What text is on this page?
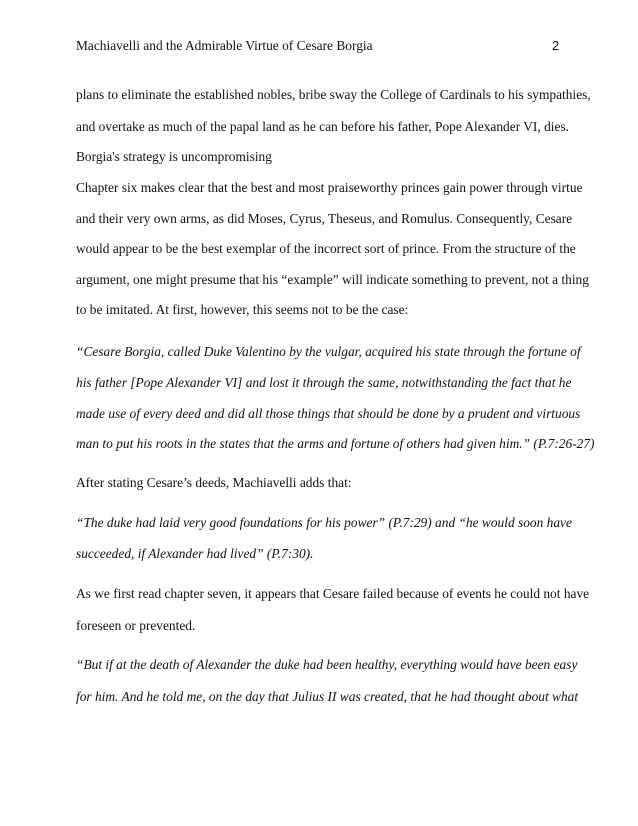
Machiavelli and the Admirable Virtue of Cesare Borgia	2
plans to eliminate the established nobles, bribe sway the College of Cardinals to his sympathies,
and overtake as much of the papal land as he can before his father, Pope Alexander VI, dies.
Borgia's strategy is uncompromising
Chapter six makes clear that the best and most praiseworthy princes gain power through virtue
and their very own arms, as did Moses, Cyrus, Theseus, and Romulus. Consequently, Cesare
would appear to be the best exemplar of the incorrect sort of prince. From the structure of the
argument, one might presume that his “example” will indicate something to prevent, not a thing
to be imitated. At first, however, this seems not to be the case:
“Cesare Borgia, called Duke Valentino by the vulgar, acquired his state through the fortune of
his father [Pope Alexander VI] and lost it through the same, notwithstanding the fact that he
made use of every deed and did all those things that should be done by a prudent and virtuous
man to put his roots in the states that the arms and fortune of others had given him.” (P.7:26-27)
After stating Cesare’s deeds, Machiavelli adds that:
“The duke had laid very good foundations for his power” (P.7:29) and “he would soon have
succeeded, if Alexander had lived” (P.7:30).
As we first read chapter seven, it appears that Cesare failed because of events he could not have
foreseen or prevented.
“But if at the death of Alexander the duke had been healthy, everything would have been easy
for him. And he told me, on the day that Julius II was created, that he had thought about what
